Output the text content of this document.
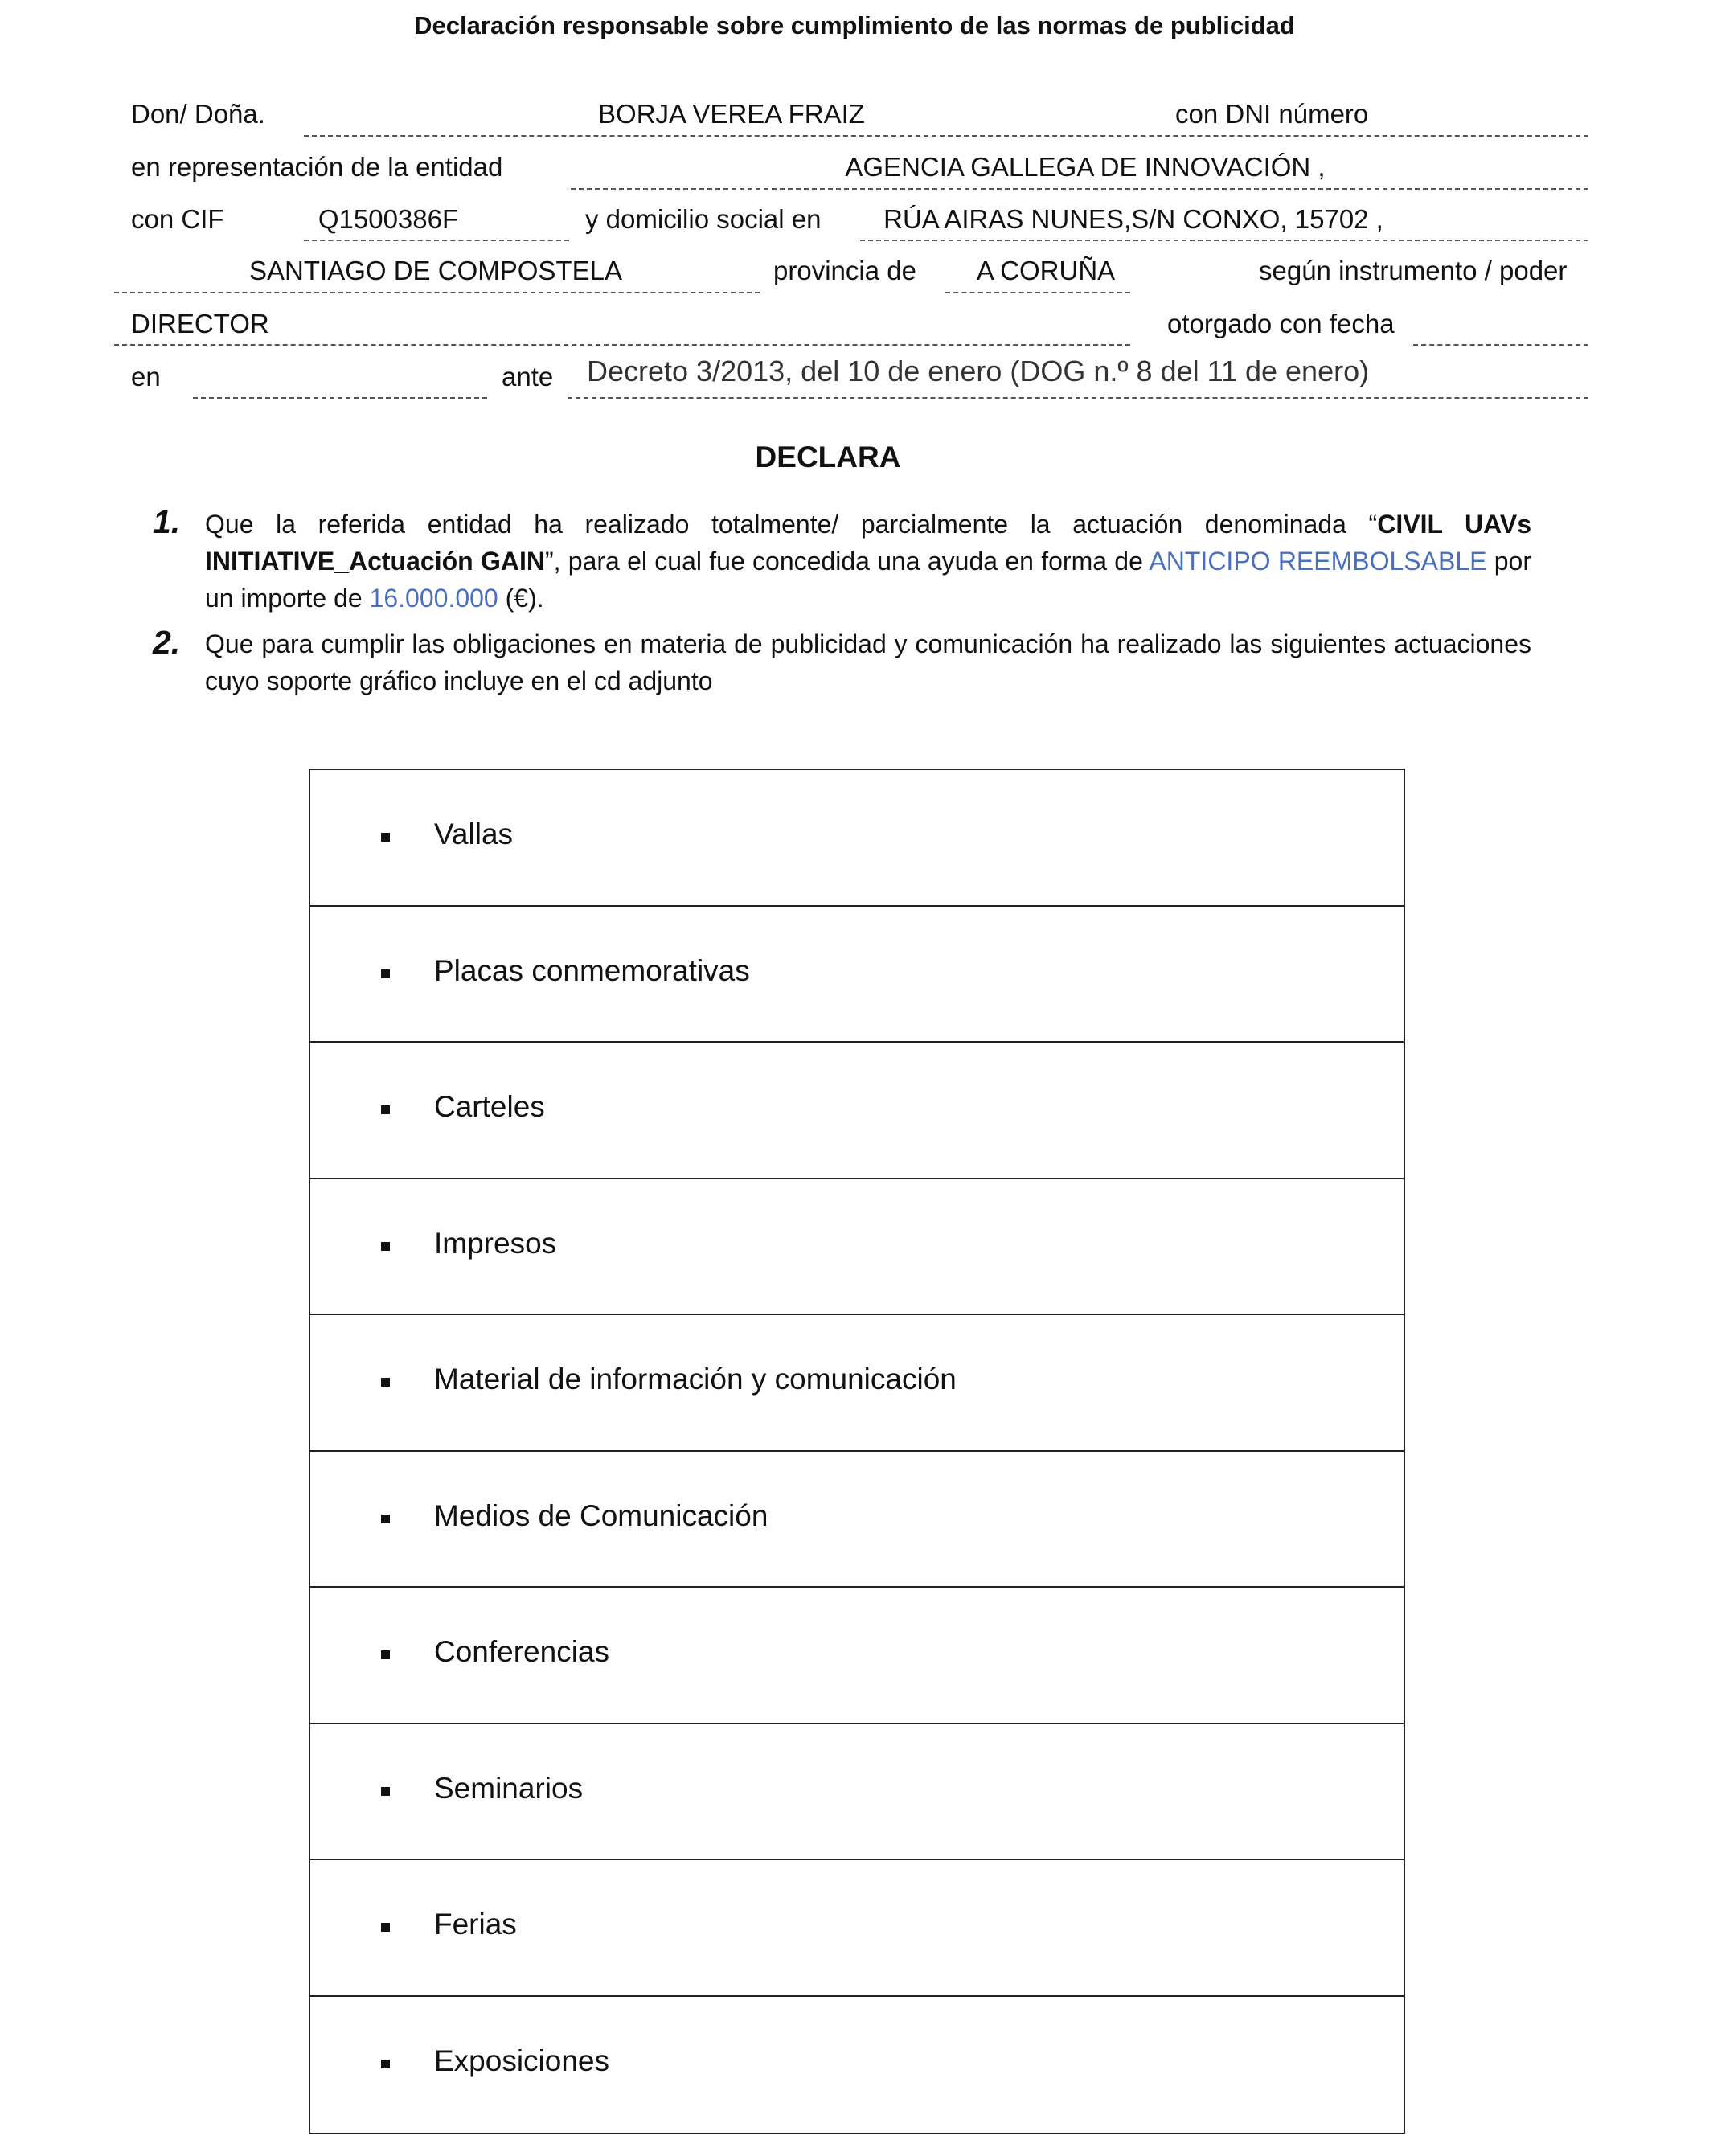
Declaración responsable sobre cumplimiento de las normas de publicidad
Don/ Doña.	BORJA VEREA FRAIZ	con DNI número
en representación de la entidad	AGENCIA GALLEGA DE INNOVACIÓN ,
con CIF	Q1500386F	y domicilio social en RÚA AIRAS NUNES,S/N CONXO, 15702 ,
SANTIAGO DE COMPOSTELA	provincia de	A CORUÑA	según instrumento / poder
DIRECTOR	otorgado con fecha
en	ante Decreto 3/2013, del 10 de enero (DOG n.º 8 del 11 de enero)
DECLARA
1. Que la referida entidad ha realizado totalmente/ parcialmente la actuación denominada “CIVIL UAVs INITIATIVE_Actuación GAIN”, para el cual fue concedida una ayuda en forma de ANTICIPO REEMBOLSABLE por un importe de 16.000.000 (€).
2. Que para cumplir las obligaciones en materia de publicidad y comunicación ha realizado las siguientes actuaciones cuyo soporte gráfico incluye en el cd adjunto
Vallas
Placas conmemorativas
Carteles
Impresos
Material de información y comunicación
Medios de Comunicación
Conferencias
Seminarios
Ferias
Exposiciones
